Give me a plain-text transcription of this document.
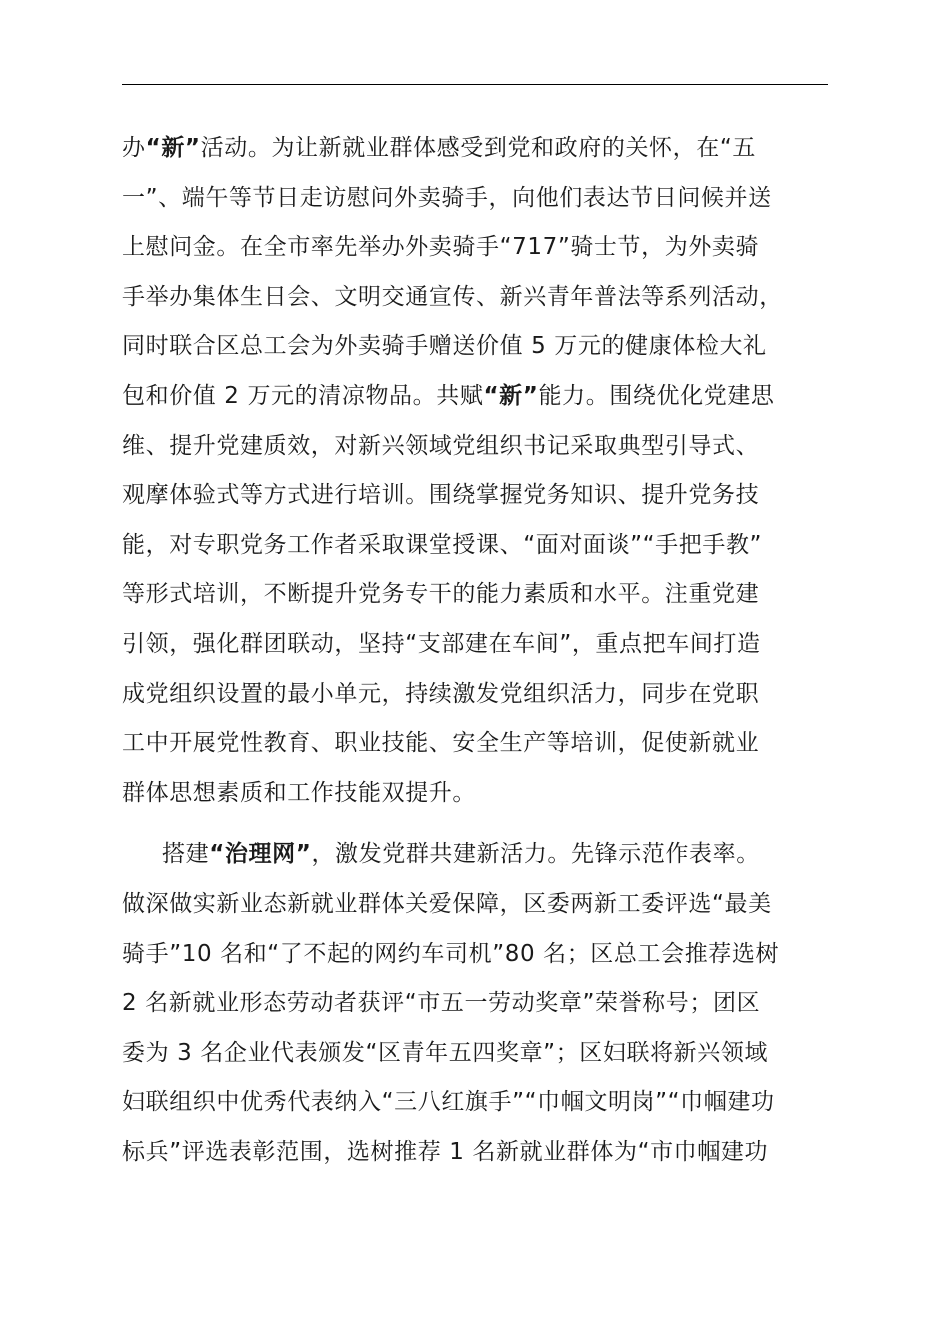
办“新”活动。为让新就业群体感受到党和政府的关怀，在“五
一”、端午等节日走访慰问外卖骑手，向他们表达节日问候并送
上慰问金。在全市率先举办外卖骑手“717”骑士节，为外卖骑
手举办集体生日会、文明交通宣传、新兴青年普法等系列活动，
同时联合区总工会为外卖骑手赠送价值 5 万元的健康体检大礼
包和价值 2 万元的清凉物品。共赋“新”能力。围绕优化党建思
维、提升党建质效，对新兴领域党组织书记采取典型引导式、
观摩体验式等方式进行培训。围绕掌握党务知识、提升党务技
能，对专职党务工作者采取课堂授课、“面对面谈”“手把手教”
等形式培训，不断提升党务专干的能力素质和水平。注重党建
引领，强化群团联动，坚持“支部建在车间”，重点把车间打造
成党组织设置的最小单元，持续激发党组织活力，同步在党职
工中开展党性教育、职业技能、安全生产等培训，促使新就业
群体思想素质和工作技能双提升。
搭建“治理网”，激发党群共建新活力。先锋示范作表率。
做深做实新业态新就业群体关爱保障，区委两新工委评选“最美
骑手”10 名和“了不起的网约车司机”80 名；区总工会推荐选树
2 名新就业形态劳动者获评“市五一劳动奖章”荣誉称号；团区
委为 3 名企业代表颁发“区青年五四奖章”；区妇联将新兴领域
妇联组织中优秀代表纳入“三八红旗手”“巾帼文明岗”“巾帼建功
标兵”评选表彰范围，选树推荐 1 名新就业群体为“市巾帼建功
